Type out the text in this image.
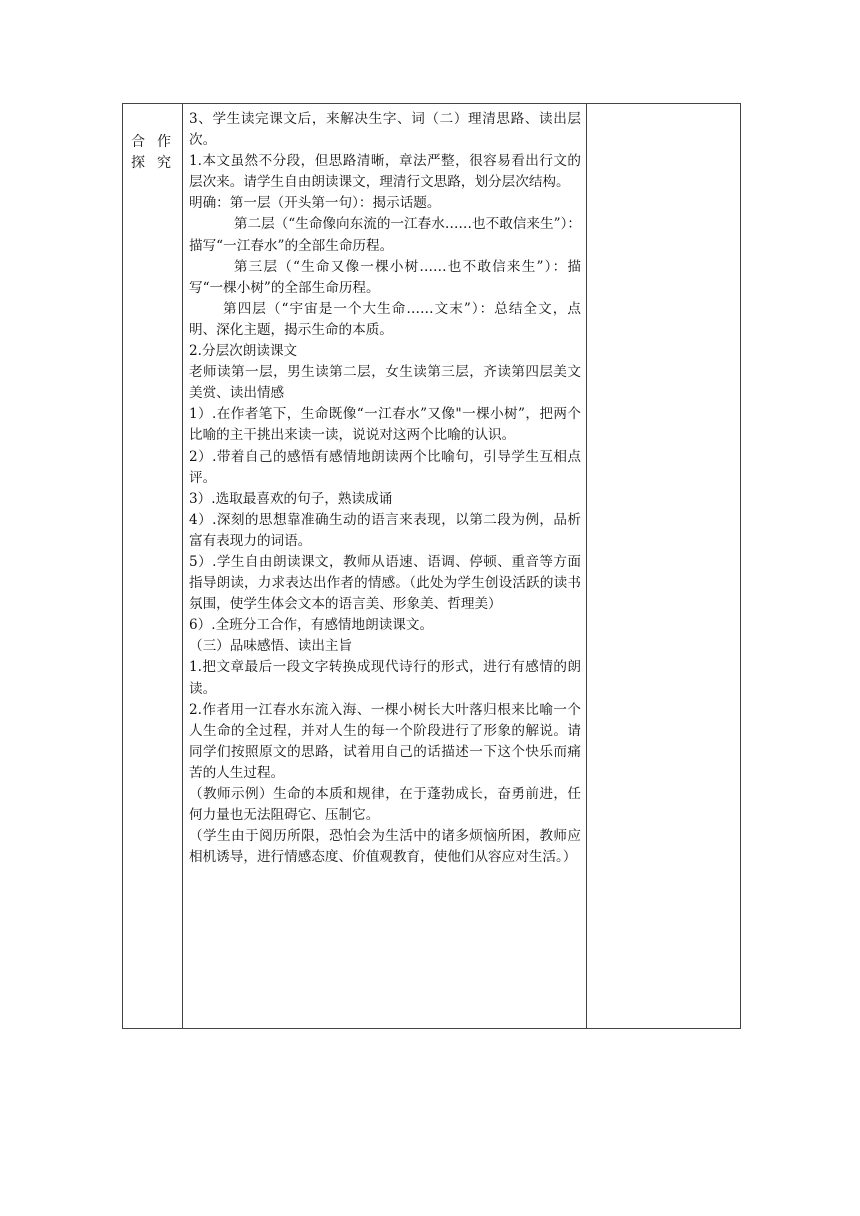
合 作
探 究

3、学生读完课文后，来解决生字、词（二）理清思路、读出层次。

1.本文虽然不分段，但思路清晰，章法严整，很容易看出行文的层次来。请学生自由朗读课文，理清行文思路，划分层次结构。

明确：第一层（开头第一句）：揭示话题。

第二层（“生命像向东流的一江春水……也不敢信来生”）：描写“一江春水”的全部生命历程。

第三层（“生命又像一棵小树……也不敢信来生”）：描写“一棵小树”的全部生命历程。

第四层（“宇宙是一个大生命……文末”）：总结全文，点明、深化主题，揭示生命的本质。

2.分层次朗读课文

老师读第一层，男生读第二层，女生读第三层，齐读第四层美文美赏、读出情感

1）.在作者笔下，生命既像“一江春水”又像"一棵小树”，把两个比喻的主干挑出来读一读，说说对这两个比喻的认识。

2）.带着自己的感悟有感情地朗读两个比喻句，引导学生互相点评。

3）.选取最喜欢的句子，熟读成诵

4）.深刻的思想靠准确生动的语言来表现，以第二段为例，品析富有表现力的词语。

5）.学生自由朗读课文，教师从语速、语调、停顿、重音等方面指导朗读，力求表达出作者的情感。（此处为学生创设活跃的读书氛围，使学生体会文本的语言美、形象美、哲理美）

6）.全班分工合作，有感情地朗读课文。

（三）品味感悟、读出主旨

1.把文章最后一段文字转换成现代诗行的形式，进行有感情的朗读。

2.作者用一江春水东流入海、一棵小树长大叶落归根来比喻一个人生命的全过程，并对人生的每一个阶段进行了形象的解说。请同学们按照原文的思路，试着用自己的话描述一下这个快乐而痛苦的人生过程。

（教师示例）生命的本质和规律，在于蓬勃成长，奋勇前进，任何力量也无法阻碍它、压制它。

（学生由于阅历所限，恐怕会为生活中的诸多烦恼所困，教师应相机诱导，进行情感态度、价值观教育，使他们从容应对生活。）
